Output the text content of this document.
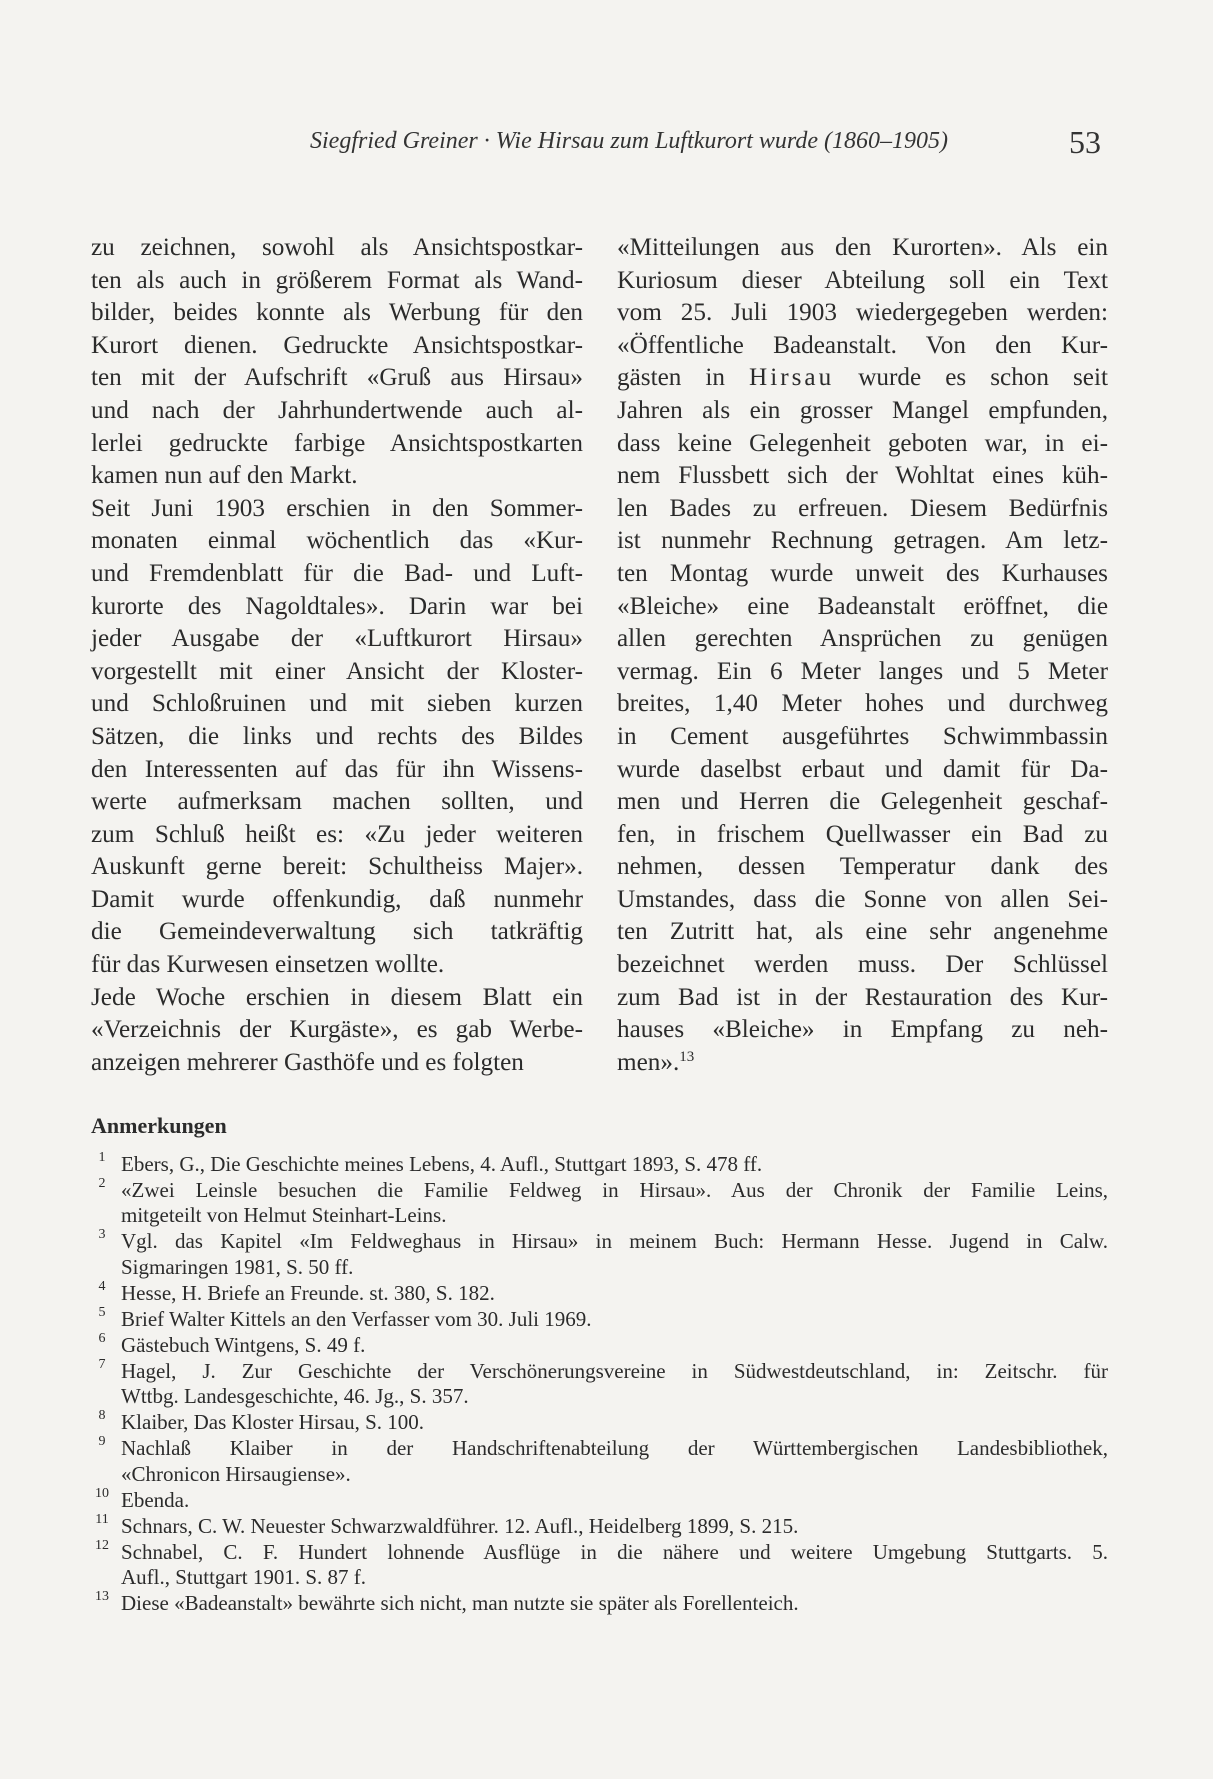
Siegfried Greiner · Wie Hirsau zum Luftkurort wurde (1860–1905)	53
zu zeichnen, sowohl als Ansichtspostkar-
ten als auch in größerem Format als Wand-
bilder, beides konnte als Werbung für den
Kurort dienen. Gedruckte Ansichtspostkar-
ten mit der Aufschrift «Gruß aus Hirsau»
und nach der Jahrhundertwende auch al-
lerlei gedruckte farbige Ansichtspostkarten
kamen nun auf den Markt.
Seit Juni 1903 erschien in den Sommer-
monaten einmal wöchentlich das «Kur-
und Fremdenblatt für die Bad- und Luft-
kurorte des Nagoldtales». Darin war bei
jeder Ausgabe der «Luftkurort Hirsau»
vorgestellt mit einer Ansicht der Kloster-
und Schloßruinen und mit sieben kurzen
Sätzen, die links und rechts des Bildes
den Interessenten auf das für ihn Wissens-
werte aufmerksam machen sollten, und
zum Schluß heißt es: «Zu jeder weiteren
Auskunft gerne bereit: Schultheiss Majer».
Damit wurde offenkundig, daß nunmehr
die Gemeindeverwaltung sich tatkräftig
für das Kurwesen einsetzen wollte.
Jede Woche erschien in diesem Blatt ein
«Verzeichnis der Kurgäste», es gab Werbe-
anzeigen mehrerer Gasthöfe und es folgten
«Mitteilungen aus den Kurorten». Als ein
Kuriosum dieser Abteilung soll ein Text
vom 25. Juli 1903 wiedergegeben werden:
«Öffentliche Badeanstalt. Von den Kur-
gästen in Hirsau wurde es schon seit
Jahren als ein grosser Mangel empfunden,
dass keine Gelegenheit geboten war, in ei-
nem Flussbett sich der Wohltat eines küh-
len Bades zu erfreuen. Diesem Bedürfnis
ist nunmehr Rechnung getragen. Am letz-
ten Montag wurde unweit des Kurhauses
«Bleiche» eine Badeanstalt eröffnet, die
allen gerechten Ansprüchen zu genügen
vermag. Ein 6 Meter langes und 5 Meter
breites, 1,40 Meter hohes und durchweg
in Cement ausgeführtes Schwimmbassin
wurde daselbst erbaut und damit für Da-
men und Herren die Gelegenheit geschaf-
fen, in frischem Quellwasser ein Bad zu
nehmen, dessen Temperatur dank des
Umstandes, dass die Sonne von allen Sei-
ten Zutritt hat, als eine sehr angenehme
bezeichnet werden muss. Der Schlüssel
zum Bad ist in der Restauration des Kur-
hauses «Bleiche» in Empfang zu neh-
men».$^{13}$
Anmerkungen
1 Ebers, G., Die Geschichte meines Lebens, 4. Aufl., Stuttgart 1893, S. 478 ff.
2 «Zwei Leinsle besuchen die Familie Feldweg in Hirsau». Aus der Chronik der Familie Leins,
mitgeteilt von Helmut Steinhart-Leins.
3 Vgl. das Kapitel «Im Feldweghaus in Hirsau» in meinem Buch: Hermann Hesse. Jugend in Calw.
Sigmaringen 1981, S. 50 ff.
4 Hesse, H. Briefe an Freunde. st. 380, S. 182.
5 Brief Walter Kittels an den Verfasser vom 30. Juli 1969.
6 Gästebuch Wintgens, S. 49 f.
7 Hagel, J. Zur Geschichte der Verschönerungsvereine in Südwestdeutschland, in: Zeitschr. für
Wttbg. Landesgeschichte, 46. Jg., S. 357.
8 Klaiber, Das Kloster Hirsau, S. 100.
9 Nachlaß Klaiber in der Handschriftenabteilung der Württembergischen Landesbibliothek,
«Chronicon Hirsaugiense».
10 Ebenda.
11 Schnars, C. W. Neuester Schwarzwaldführer. 12. Aufl., Heidelberg 1899, S. 215.
12 Schnabel, C. F. Hundert lohnende Ausflüge in die nähere und weitere Umgebung Stuttgarts. 5.
Aufl., Stuttgart 1901. S. 87 f.
13 Diese «Badeanstalt» bewährte sich nicht, man nutzte sie später als Forellenteich.
